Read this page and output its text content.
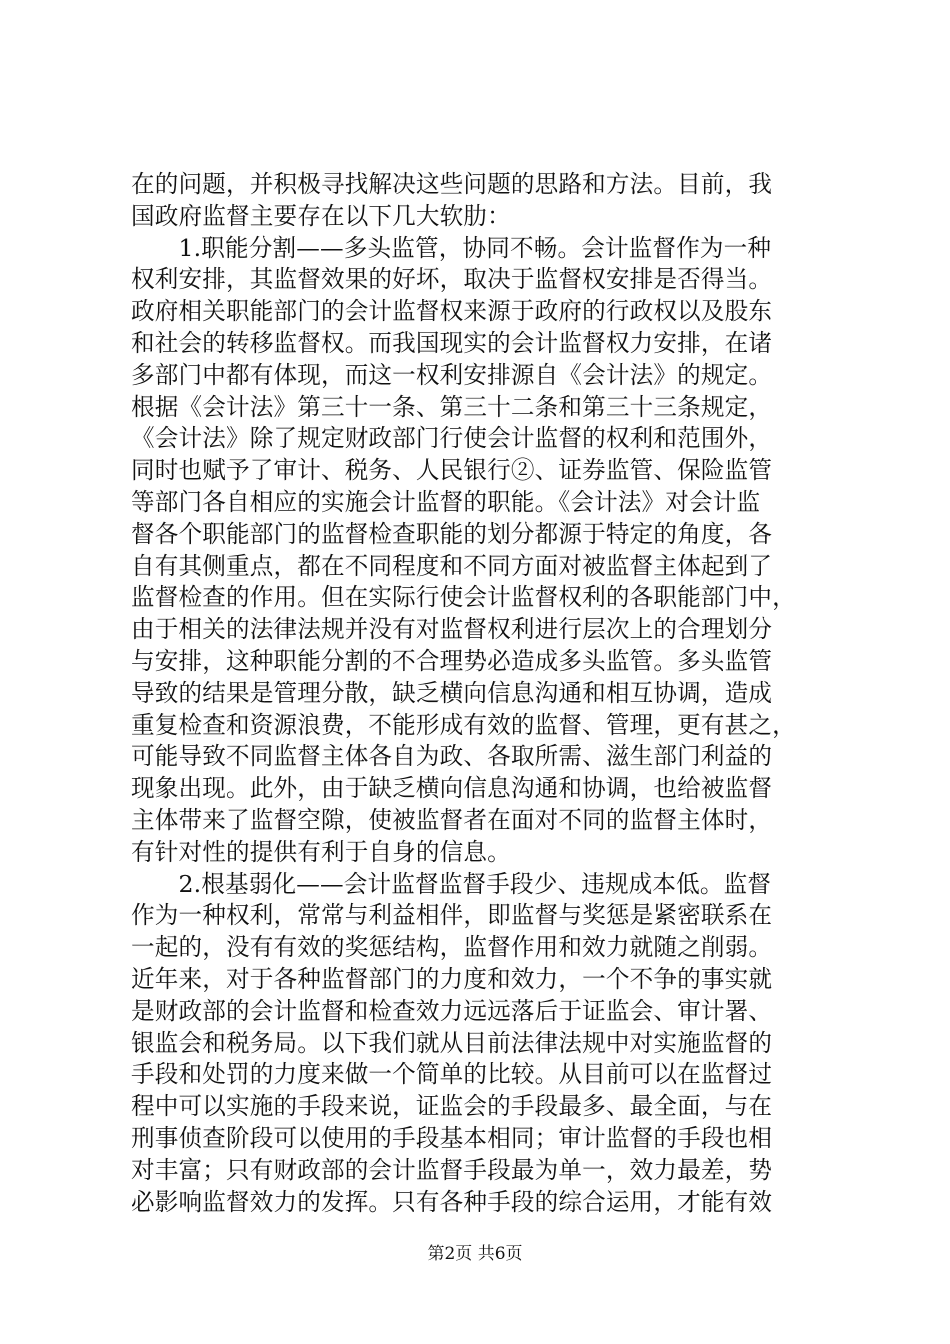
在的问题，并积极寻找解决这些问题的思路和方法。目前，我
国政府监督主要存在以下几大软肋：
　　1.职能分割——多头监管，协同不畅。会计监督作为一种
权利安排，其监督效果的好坏，取决于监督权安排是否得当。
政府相关职能部门的会计监督权来源于政府的行政权以及股东
和社会的转移监督权。而我国现实的会计监督权力安排，在诸
多部门中都有体现，而这一权利安排源自《会计法》的规定。
根据《会计法》第三十一条、第三十二条和第三十三条规定，
《会计法》除了规定财政部门行使会计监督的权利和范围外，
同时也赋予了审计、税务、人民银行②、证券监管、保险监管
等部门各自相应的实施会计监督的职能。《会计法》对会计监
督各个职能部门的监督检查职能的划分都源于特定的角度，各
自有其侧重点，都在不同程度和不同方面对被监督主体起到了
监督检查的作用。但在实际行使会计监督权利的各职能部门中，
由于相关的法律法规并没有对监督权利进行层次上的合理划分
与安排，这种职能分割的不合理势必造成多头监管。多头监管
导致的结果是管理分散，缺乏横向信息沟通和相互协调，造成
重复检查和资源浪费，不能形成有效的监督、管理，更有甚之，
可能导致不同监督主体各自为政、各取所需、滋生部门利益的
现象出现。此外，由于缺乏横向信息沟通和协调，也给被监督
主体带来了监督空隙，使被监督者在面对不同的监督主体时，
有针对性的提供有利于自身的信息。
　　2.根基弱化——会计监督监督手段少、违规成本低。监督
作为一种权利，常常与利益相伴，即监督与奖惩是紧密联系在
一起的，没有有效的奖惩结构，监督作用和效力就随之削弱。
近年来，对于各种监督部门的力度和效力，一个不争的事实就
是财政部的会计监督和检查效力远远落后于证监会、审计署、
银监会和税务局。以下我们就从目前法律法规中对实施监督的
手段和处罚的力度来做一个简单的比较。从目前可以在监督过
程中可以实施的手段来说，证监会的手段最多、最全面，与在
刑事侦查阶段可以使用的手段基本相同；审计监督的手段也相
对丰富；只有财政部的会计监督手段最为单一，效力最差，势
必影响监督效力的发挥。只有各种手段的综合运用，才能有效
第2页 共6页
